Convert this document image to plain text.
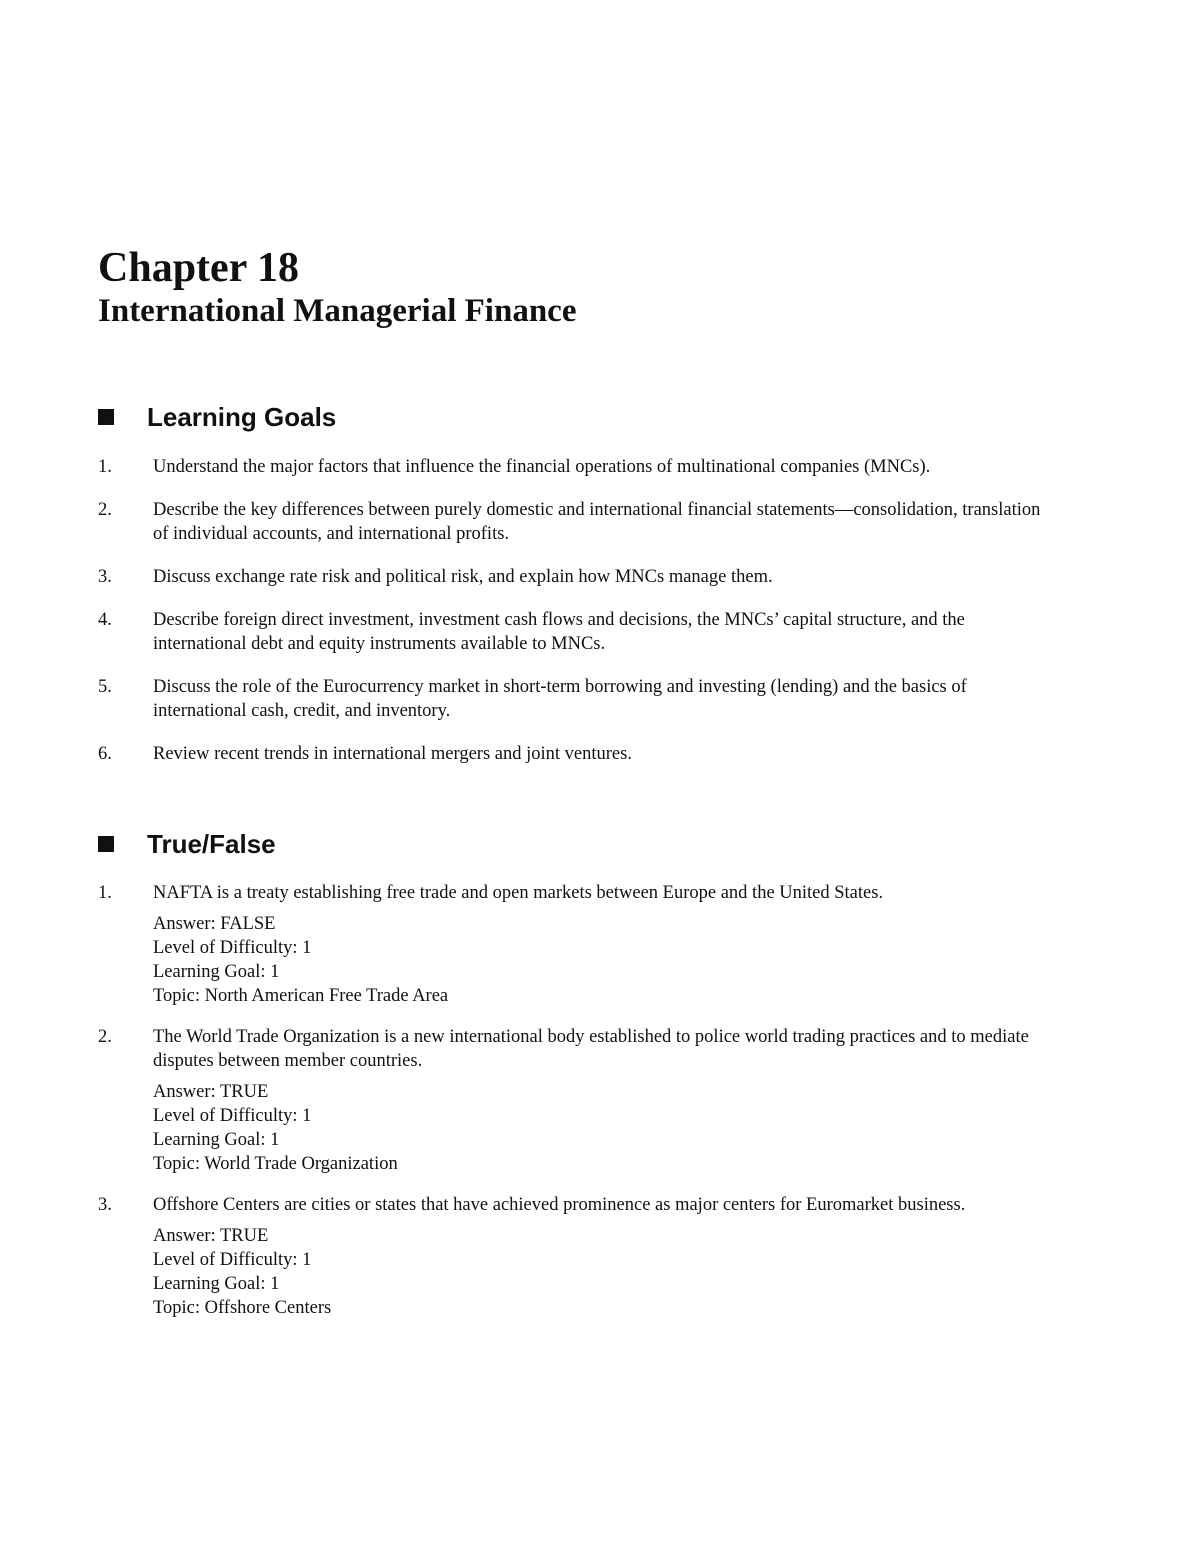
Chapter 18
International Managerial Finance
Learning Goals
1. Understand the major factors that influence the financial operations of multinational companies (MNCs).
2. Describe the key differences between purely domestic and international financial statements—consolidation, translation of individual accounts, and international profits.
3. Discuss exchange rate risk and political risk, and explain how MNCs manage them.
4. Describe foreign direct investment, investment cash flows and decisions, the MNCs’ capital structure, and the international debt and equity instruments available to MNCs.
5. Discuss the role of the Eurocurrency market in short-term borrowing and investing (lending) and the basics of international cash, credit, and inventory.
6. Review recent trends in international mergers and joint ventures.
True/False
1. NAFTA is a treaty establishing free trade and open markets between Europe and the United States.
Answer: FALSE
Level of Difficulty: 1
Learning Goal: 1
Topic: North American Free Trade Area
2. The World Trade Organization is a new international body established to police world trading practices and to mediate disputes between member countries.
Answer: TRUE
Level of Difficulty: 1
Learning Goal: 1
Topic: World Trade Organization
3. Offshore Centers are cities or states that have achieved prominence as major centers for Euromarket business.
Answer: TRUE
Level of Difficulty: 1
Learning Goal: 1
Topic: Offshore Centers
